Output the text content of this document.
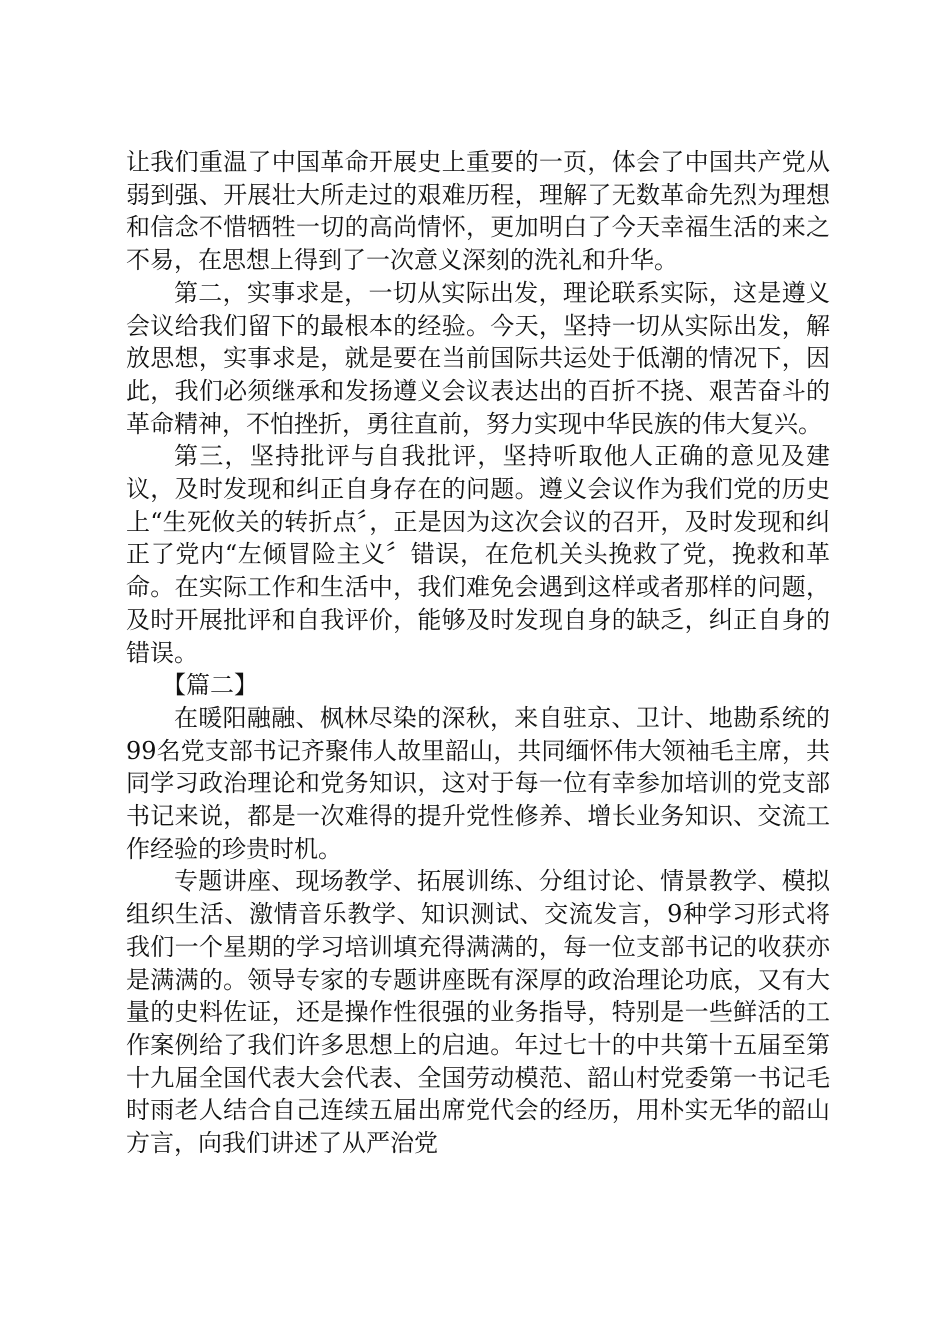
让我们重温了中国革命开展史上重要的一页，体会了中国共产党从弱到强、开展壮大所走过的艰难历程，理解了无数革命先烈为理想和信念不惜牺牲一切的高尚情怀，更加明白了今天幸福生活的来之不易，在思想上得到了一次意义深刻的洗礼和升华。

第二，实事求是，一切从实际出发，理论联系实际，这是遵义会议给我们留下的最根本的经验。今天，坚持一切从实际出发，解放思想，实事求是，就是要在当前国际共运处于低潮的情况下，因此，我们必须继承和发扬遵义会议表达出的百折不挠、艰苦奋斗的革命精神，不怕挫折，勇往直前，努力实现中华民族的伟大复兴。

第三，坚持批评与自我批评，坚持听取他人正确的意见及建议，及时发现和纠正自身存在的问题。遵义会议作为我们党的历史上“生死攸关的转折点〞，正是因为这次会议的召开，及时发现和纠正了党内“左倾冒险主义〞错误，在危机关头挽救了党，挽救和革命。在实际工作和生活中，我们难免会遇到这样或者那样的问题，及时开展批评和自我评价，能够及时发现自身的缺乏，纠正自身的错误。

【篇二】

在暖阳融融、枫林尽染的深秋，来自驻京、卫计、地勘系统的99名党支部书记齐聚伟人故里韶山，共同缅怀伟大领袖毛主席，共同学习政治理论和党务知识，这对于每一位有幸参加培训的党支部书记来说，都是一次难得的提升党性修养、增长业务知识、交流工作经验的珍贵时机。

专题讲座、现场教学、拓展训练、分组讨论、情景教学、模拟组织生活、激情音乐教学、知识测试、交流发言，9种学习形式将我们一个星期的学习培训填充得满满的，每一位支部书记的收获亦是满满的。领导专家的专题讲座既有深厚的政治理论功底，又有大量的史料佐证，还是操作性很强的业务指导，特别是一些鲜活的工作案例给了我们许多思想上的启迪。年过七十的中共第十五届至第十九届全国代表大会代表、全国劳动模范、韶山村党委第一书记毛时雨老人结合自己连续五届出席党代会的经历，用朴实无华的韶山方言，向我们讲述了从严治党
